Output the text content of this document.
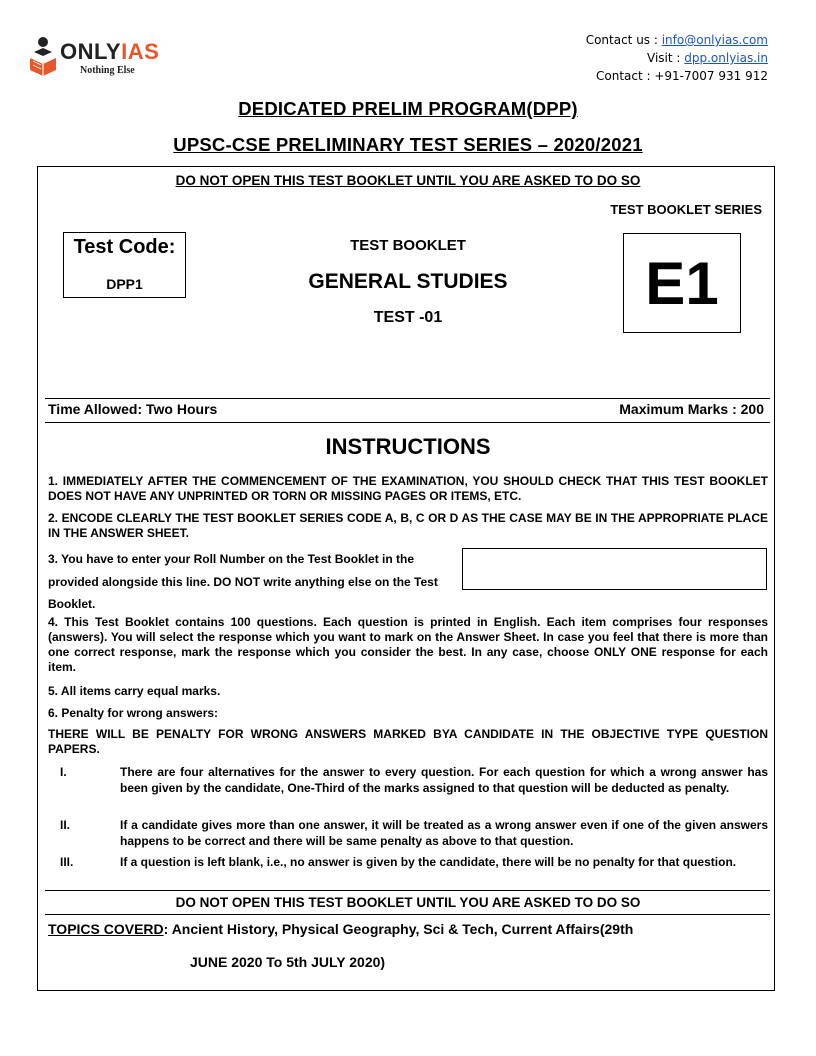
ONLYIAS
Nothing Else
Contact us : info@onlyias.com
Visit : dpp.onlyias.in
Contact : +91-7007 931 912
DEDICATED PRELIM PROGRAM(DPP)
UPSC-CSE PRELIMINARY TEST SERIES – 2020/2021
DO NOT OPEN THIS TEST BOOKLET UNTIL YOU ARE ASKED TO DO SO
TEST BOOKLET SERIES
Test Code:
DPP1
TEST BOOKLET
GENERAL STUDIES
TEST -01
E1
Time Allowed: Two Hours	Maximum Marks : 200
INSTRUCTIONS
1. IMMEDIATELY AFTER THE COMMENCEMENT OF THE EXAMINATION, YOU SHOULD CHECK THAT THIS TEST BOOKLET DOES NOT HAVE ANY UNPRINTED OR TORN OR MISSING PAGES OR ITEMS, ETC.
2. ENCODE CLEARLY THE TEST BOOKLET SERIES CODE A, B, C OR D AS THE CASE MAY BE IN THE APPROPRIATE PLACE IN THE ANSWER SHEET.
3. You have to enter your Roll Number on the Test Booklet in the provided alongside this line. DO NOT write anything else on the Test Booklet.
4. This Test Booklet contains 100 questions. Each question is printed in English. Each item comprises four responses (answers). You will select the response which you want to mark on the Answer Sheet. In case you feel that there is more than one correct response, mark the response which you consider the best. In any case, choose ONLY ONE response for each item.
5. All items carry equal marks.
6. Penalty for wrong answers:
THERE WILL BE PENALTY FOR WRONG ANSWERS MARKED BYA CANDIDATE IN THE OBJECTIVE TYPE QUESTION PAPERS.
I.	There are four alternatives for the answer to every question. For each question for which a wrong answer has been given by the candidate, One-Third of the marks assigned to that question will be deducted as penalty.
II.	If a candidate gives more than one answer, it will be treated as a wrong answer even if one of the given answers happens to be correct and there will be same penalty as above to that question.
III.	If a question is left blank, i.e., no answer is given by the candidate, there will be no penalty for that question.
DO NOT OPEN THIS TEST BOOKLET UNTIL YOU ARE ASKED TO DO SO
TOPICS COVERD: Ancient History, Physical Geography, Sci & Tech, Current Affairs(29th
JUNE 2020 To 5th JULY 2020)
